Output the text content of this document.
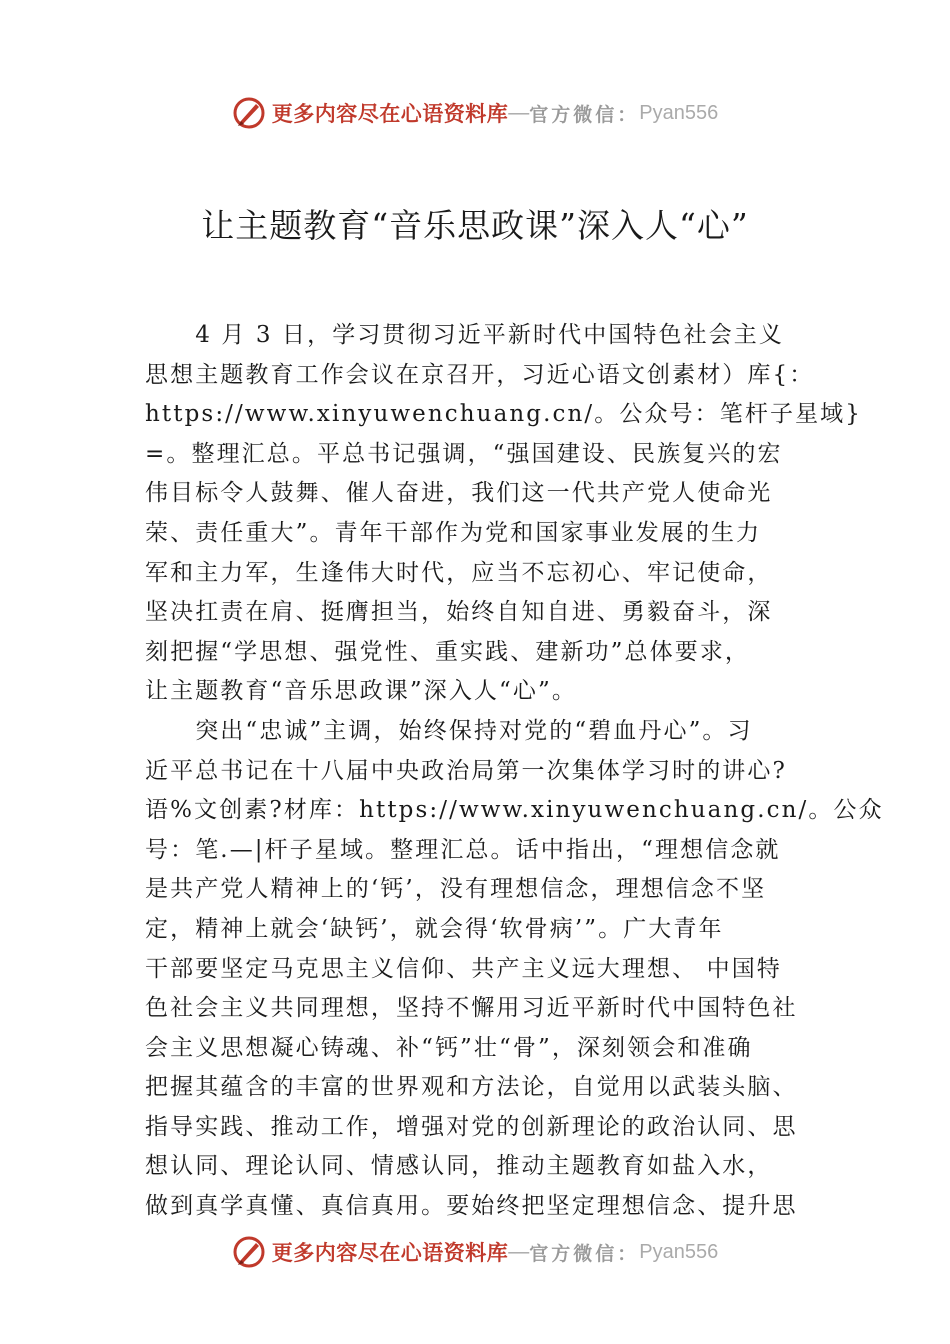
更多内容尽在心语资料库 — 官方微信： Pyan556
让主题教育“音乐思政课”深入人“心”
　　4 月 3 日，学习贯彻习近平新时代中国特色社会主义
思想主题教育工作会议在京召开，习近心语文创素材）库{：
https://www.xinyuwenchuang.cn/。公众号：笔杆子星域}
=。整理汇总。平总书记强调，“强国建设、民族复兴的宏
伟目标令人鼓舞、催人奋进，我们这一代共产党人使命光
荣、责任重大”。青年干部作为党和国家事业发展的生力
军和主力军，生逢伟大时代，应当不忘初心、牢记使命，
坚决扛责在肩、挺膺担当，始终自知自进、勇毅奋斗，深
刻把握“学思想、强党性、重实践、建新功”总体要求，
让主题教育“音乐思政课”深入人“心”。
　　突出“忠诚”主调，始终保持对党的“碧血丹心”。习
近平总书记在十八届中央政治局第一次集体学习时的讲心?
语%文创素?材库：https://www.xinyuwenchuang.cn/。公众
号：笔.—|杆子星域。整理汇总。话中指出，“理想信念就
是共产党人精神上的‘钙’，没有理想信念，理想信念不坚
定，精神上就会‘缺钙’，就会得‘软骨病’”。广大青年
干部要坚定马克思主义信仰、共产主义远大理想、 中国特
色社会主义共同理想，坚持不懈用习近平新时代中国特色社
会主义思想凝心铸魂、补“钙”壮“骨”，深刻领会和准确
把握其蕴含的丰富的世界观和方法论，自觉用以武装头脑、
指导实践、推动工作，增强对党的创新理论的政治认同、思
想认同、理论认同、情感认同，推动主题教育如盐入水，
做到真学真懂、真信真用。要始终把坚定理想信念、提升思
更多内容尽在心语资料库 — 官方微信： Pyan556
